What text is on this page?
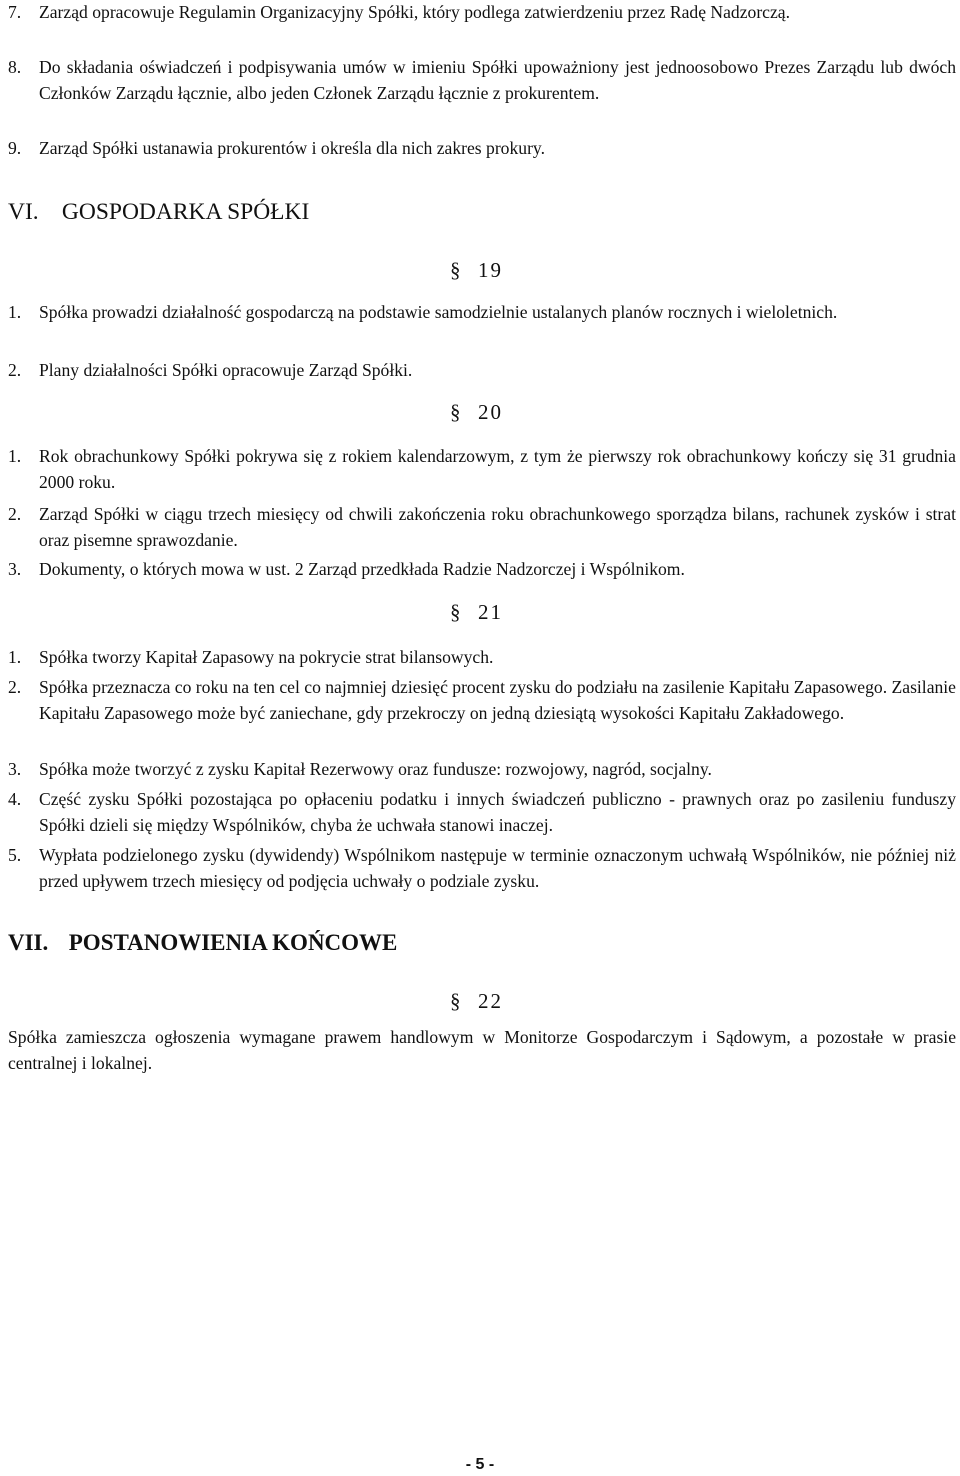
7.	Zarząd opracowuje Regulamin Organizacyjny Spółki, który podlega zatwierdzeniu przez Radę Nadzorczą.
8.	Do składania oświadczeń i podpisywania umów w imieniu Spółki upoważniony jest jednoosobowo Prezes Zarządu lub dwóch Członków Zarządu łącznie, albo jeden Członek Zarządu łącznie z prokurentem.
9.	Zarząd Spółki ustanawia prokurentów i określa dla nich zakres prokury.
VI. GOSPODARKA SPÓŁKI
§ 19
1.	Spółka prowadzi działalność gospodarczą na podstawie samodzielnie ustalanych planów rocznych i wieloletnich.
2.	Plany działalności Spółki opracowuje Zarząd Spółki.
§ 20
1.	Rok obrachunkowy Spółki pokrywa się z rokiem kalendarzowym, z tym że pierwszy rok obrachunkowy kończy się 31 grudnia 2000 roku.
2.	Zarząd Spółki w ciągu trzech miesięcy od chwili zakończenia roku obrachunkowego sporządza bilans, rachunek zysków i strat oraz pisemne sprawozdanie.
3.	Dokumenty, o których mowa w ust. 2 Zarząd przedkłada Radzie Nadzorczej i Wspólnikom.
§ 21
1.	Spółka tworzy Kapitał Zapasowy na pokrycie strat bilansowych.
2.	Spółka przeznacza co roku na ten cel co najmniej dziesięć procent zysku do podziału na zasilenie Kapitału Zapasowego. Zasilanie Kapitału Zapasowego może być zaniechane, gdy przekroczy on jedną dziesiątą wysokości Kapitału Zakładowego.
3.	Spółka może tworzyć z zysku Kapitał Rezerwowy oraz fundusze: rozwojowy, nagród, socjalny.
4.	Część zysku Spółki pozostająca po opłaceniu podatku i innych świadczeń publiczno - prawnych oraz po zasileniu funduszy Spółki dzieli się między Wspólników, chyba że uchwała stanowi inaczej.
5.	Wypłata podzielonego zysku (dywidendy) Wspólnikom następuje w terminie oznaczonym uchwałą Wspólników, nie później niż przed upływem trzech miesięcy od podjęcia uchwały o podziale zysku.
VII. POSTANOWIENIA KOŃCOWE
§ 22
Spółka zamieszcza ogłoszenia wymagane prawem handlowym w Monitorze Gospodarczym i Sądowym, a pozostałe w prasie centralnej i lokalnej.
- 5 -
